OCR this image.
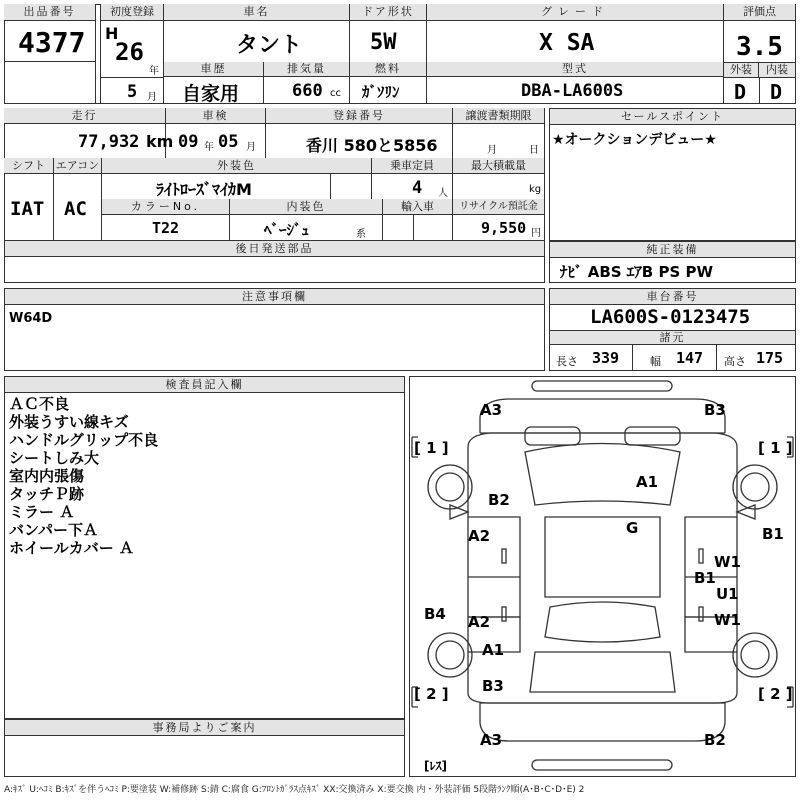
出品番号
4377
初度登録
H
26
年
5 月
車名
タント
ドア形状
5W
グレード
X SA
評価点
3.5
外装	内装
D D
車歴
自家用
排気量
660 cc
燃料
ｶﾞｿﾘﾝ
型式
DBA-LA600S
走行
77,932 km
車検
09 年 05 月
登録番号
香川 580と5856
譲渡書類期限
月	日
シフト
IAT
エアコン
AC
外装色
ﾗｲﾄﾛｰｽﾞﾏｲｶM
乗車定員
4 人
最大積載量
kg
カラーNo.
T22
内装色
ﾍﾞｰｼﾞｭ	系
輸入車	リサイクル預託金
9,550 円
後日発送部品
セールスポイント
★オークションデビュー★
純正装備
ﾅﾋﾞ ABS ｴｱB PS PW
注意事項欄
W64D
車台番号
LA600S-0123475
諸元
長さ 339	幅 147 高さ 175
検査員記入欄
ＡＣ不良
外装うすい線キズ
ハンドルグリップ不良
シートしみ大
室内内張傷
タッチＰ跡
ミラー Ａ
バンパー下Ａ
ホイールカバー Ａ
事務局よりご案内
A3	B3
[ 1 ]	[ 1 ]
A1
B2
G	B1
A2
W1
B1
U1
B4	W1
A2
A1
B3
[ 2 ]	[ 2 ]
A3	B2
[ﾚｽ]
A:ｷｽﾞ U:ﾍｺﾐ B:ｷｽﾞを伴うﾍｺﾐ P:要塗装 W:補修跡 S:錆 C:腐食 G:ﾌﾛﾝﾄｶﾞﾗｽ点ｷｽﾞ XX:交換済み X:要交換 内・外装評価 5段階ﾗﾝｸ順(A･B･C･D･E) 2
